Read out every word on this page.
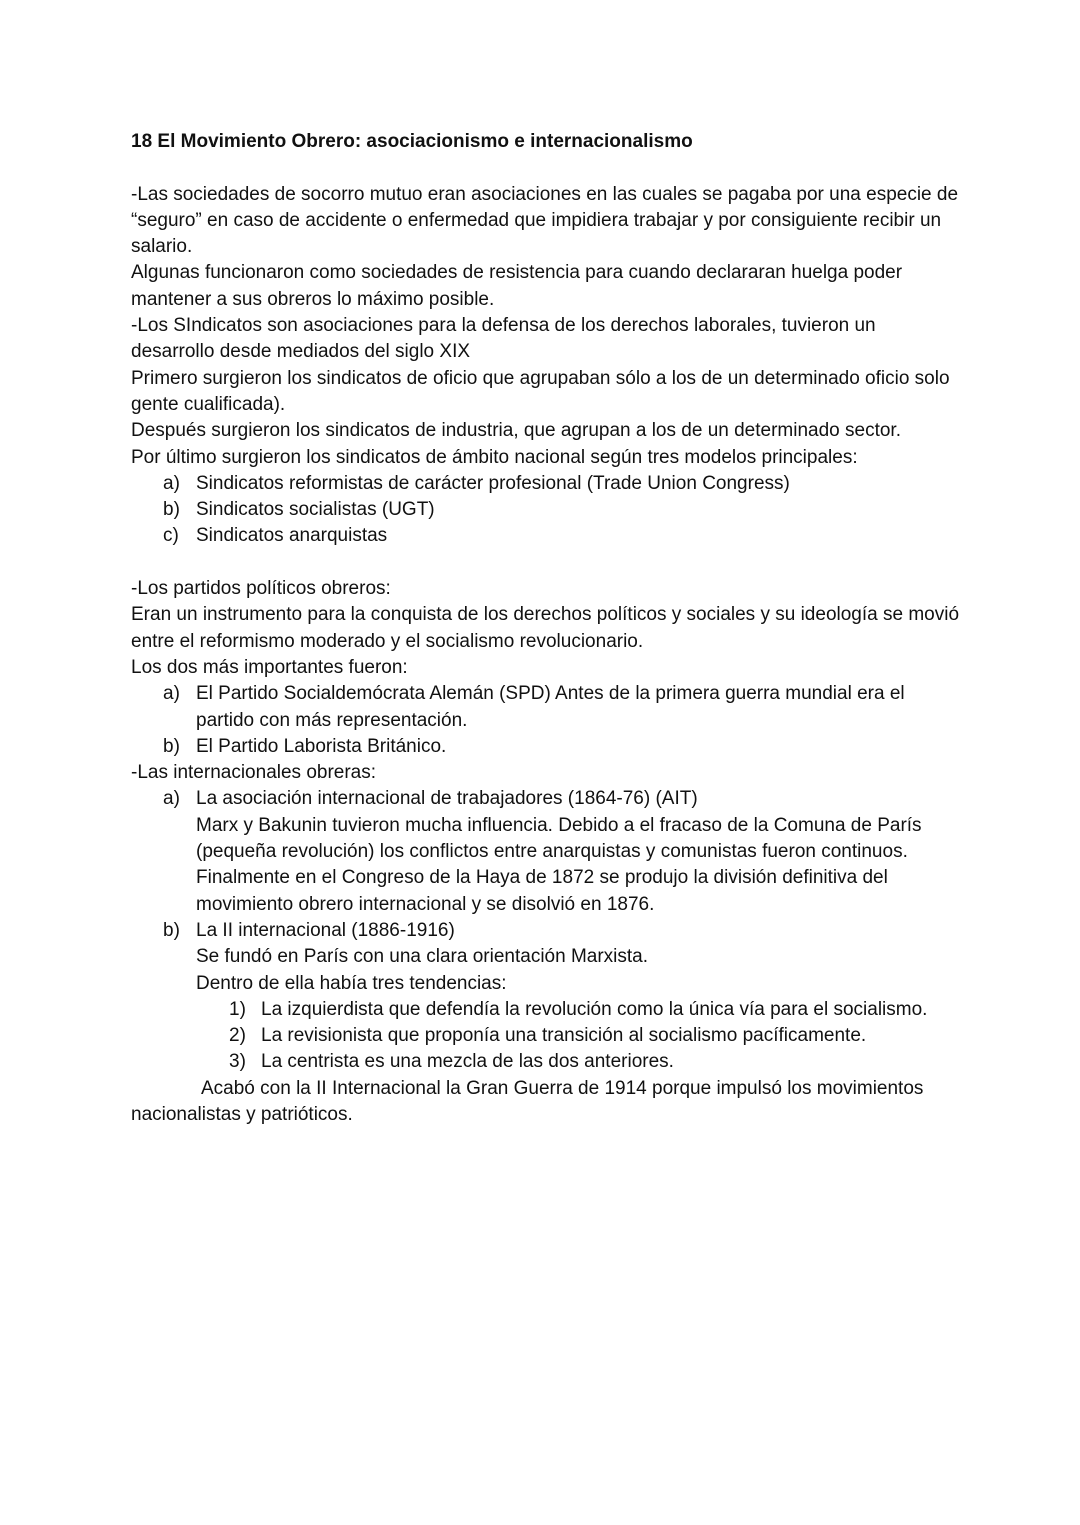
18 El Movimiento Obrero: asociacionismo e internacionalismo

-Las sociedades de socorro mutuo eran asociaciones en las cuales se pagaba por una especie de “seguro” en caso de accidente o enfermedad que impidiera trabajar y por consiguiente recibir un salario.

Algunas funcionaron como sociedades de resistencia para cuando declararan huelga poder mantener a sus obreros lo máximo posible.

-Los SIndicatos son asociaciones para la defensa de los derechos laborales, tuvieron un desarrollo desde mediados del siglo XIX

Primero surgieron los sindicatos de oficio que agrupaban sólo a los de un determinado oficio solo gente cualificada).

Después surgieron los sindicatos de industria, que agrupan a los de un determinado sector.

Por último surgieron los sindicatos de ámbito nacional según tres modelos principales:

a) Sindicatos reformistas de carácter profesional (Trade Union Congress)
b) Sindicatos socialistas (UGT)
c) Sindicatos anarquistas

-Los partidos políticos obreros:

Eran un instrumento para la conquista de los derechos políticos y sociales y su ideología se movió entre el reformismo moderado y el socialismo revolucionario.

Los dos más importantes fueron:

a) El Partido Socialdemócrata Alemán (SPD) Antes de la primera guerra mundial era el partido con más representación.
b) El Partido Laborista Británico.

-Las internacionales obreras:

a) La asociación internacional de trabajadores (1864-76) (AIT)
Marx y Bakunin tuvieron mucha influencia. Debido a el fracaso de la Comuna de París (pequeña revolución) los conflictos entre anarquistas y comunistas fueron continuos. Finalmente en el Congreso de la Haya de 1872 se produjo la división definitiva del movimiento obrero internacional y se disolvió en 1876.
b) La II internacional (1886-1916)
Se fundó en París con una clara orientación Marxista.
Dentro de ella había tres tendencias:
1) La izquierdista que defendía la revolución como la única vía para el socialismo.
2) La revisionista que proponía una transición al socialismo pacíficamente.
3) La centrista es una mezcla de las dos anteriores.

Acabó con la II Internacional la Gran Guerra de 1914 porque impulsó los movimientos nacionalistas y patrióticos.
